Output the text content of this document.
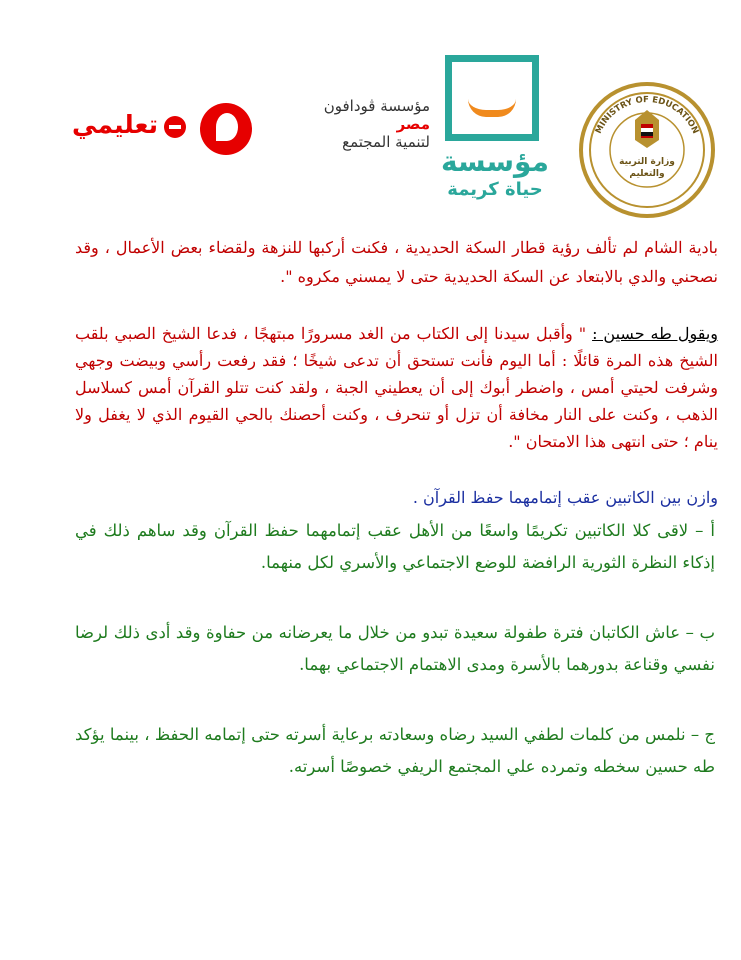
MINISTRY OF EDUCATION
وزارة التربية
والتعليم
مؤسسة
حياة كريمة
مؤسسة ڤودافون
مصر
لتنمية المجتمع
تعليمي
بادية الشام لم تألف رؤية قطار السكة الحديدية ، فكنت أركبها للنزهة ولقضاء بعض الأعمال ، وقد نصحني والدي بالابتعاد عن السكة الحديدية حتى لا يمسني مكروه ".
ويقول طه حسين : " وأقبل سيدنا إلى الكتاب من الغد مسرورًا مبتهجًا ، فدعا الشيخ الصبي بلقب الشيخ هذه المرة قائلًا : أما اليوم فأنت تستحق أن تدعى شيخًا ؛ فقد رفعت رأسي وبيضت وجهي وشرفت لحيتي أمس ، واضطر أبوك إلى أن يعطيني الجبة ، ولقد كنت تتلو القرآن أمس كسلاسل الذهب ، وكنت على النار مخافة أن تزل أو تنحرف ، وكنت أحصنك بالحي القيوم الذي لا يغفل ولا ينام ؛ حتى انتهى هذا الامتحان ".
وازن بين الكاتبين عقب إتمامهما حفظ القرآن .
أ – لاقى كلا الكاتبين تكريمًا واسعًا من الأهل عقب إتمامهما حفظ القرآن وقد ساهم ذلك في إذكاء النظرة الثورية الرافضة للوضع الاجتماعي والأسري لكل منهما.
ب – عاش الكاتبان فترة طفولة سعيدة تبدو من خلال ما يعرضانه من حفاوة وقد أدى ذلك لرضا نفسي وقناعة بدورهما بالأسرة ومدى الاهتمام الاجتماعي بهما.
ج – نلمس من كلمات لطفي السيد رضاه وسعادته برعاية أسرته حتى إتمامه الحفظ ، بينما يؤكد طه حسين سخطه وتمرده علي المجتمع الريفي خصوصًا أسرته.
